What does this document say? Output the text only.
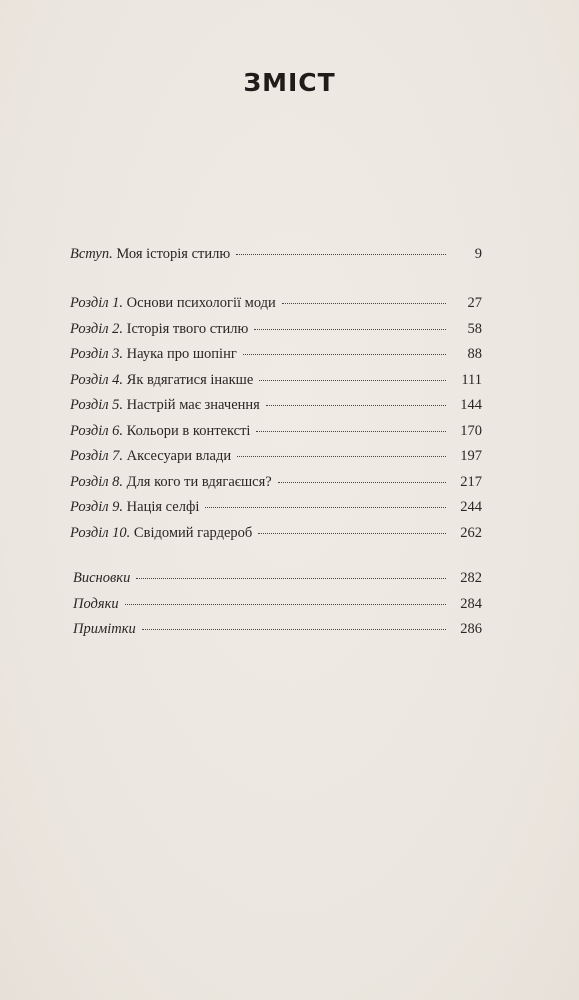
ЗМІСТ
Вступ. Моя історія стилю	9
Розділ 1. Основи психології моди	27
Розділ 2. Історія твого стилю	58
Розділ 3. Наука про шопінг	88
Розділ 4. Як вдягатися інакше	111
Розділ 5. Настрій має значення	144
Розділ 6. Кольори в контексті	170
Розділ 7. Аксесуари влади	197
Розділ 8. Для кого ти вдягаєшся?	217
Розділ 9. Нація селфі	244
Розділ 10. Свідомий гардероб	262
Висновки	282
Подяки	284
Примітки	286
